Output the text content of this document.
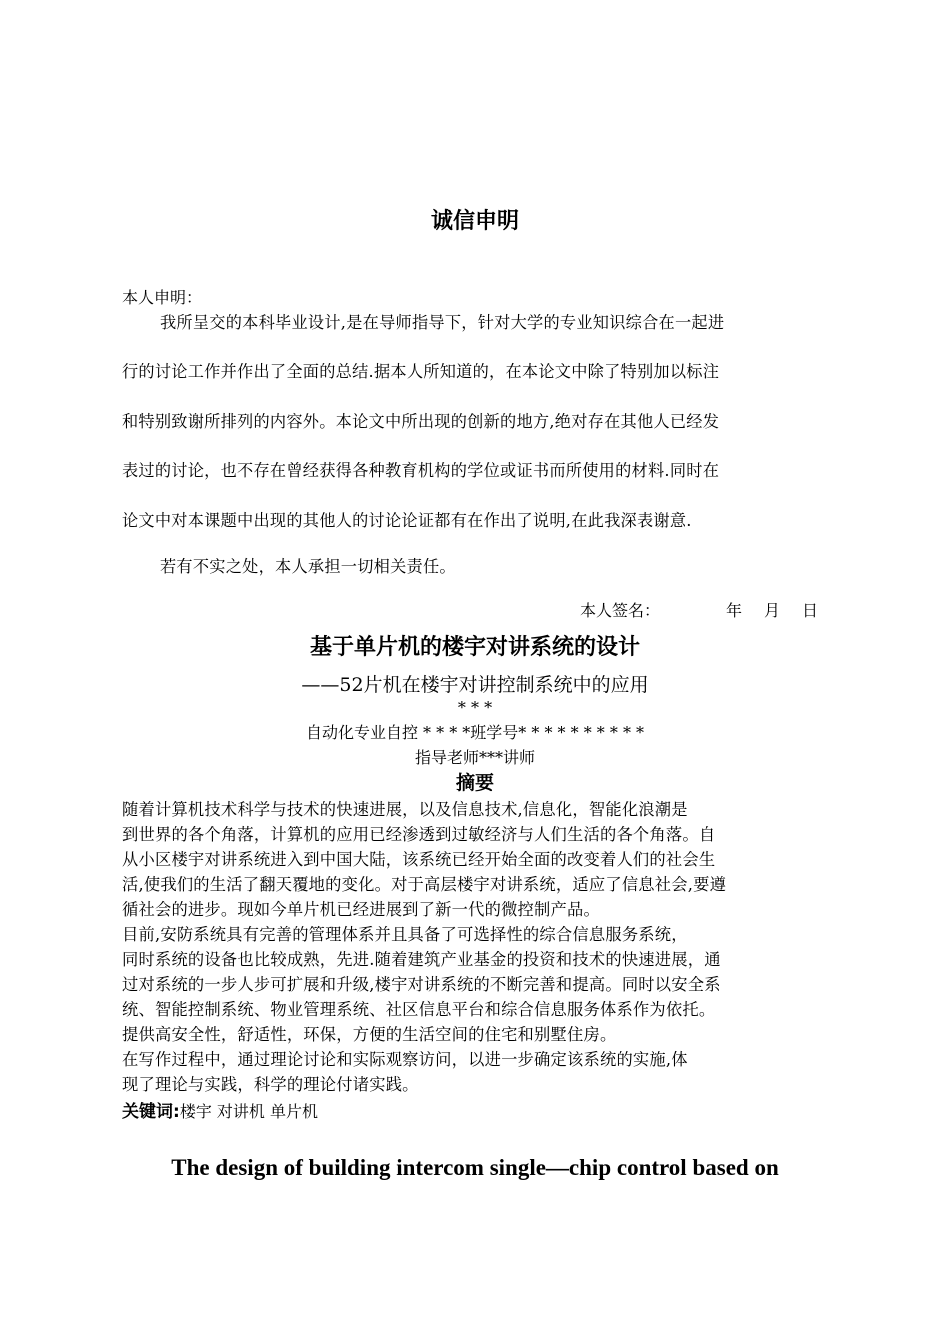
诚信申明
本人申明：
我所呈交的本科毕业设计,是在导师指导下，针对大学的专业知识综合在一起进
行的讨论工作并作出了全面的总结.据本人所知道的，在本论文中除了特别加以标注
和特别致谢所排列的内容外。本论文中所出现的创新的地方,绝对存在其他人已经发
表过的讨论，也不存在曾经获得各种教育机构的学位或证书而所使用的材料.同时在
论文中对本课题中出现的其他人的讨论论证都有在作出了说明,在此我深表谢意.
若有不实之处，本人承担一切相关责任。
本人签名：	年 月 日
基于单片机的楼宇对讲系统的设计
——52片机在楼宇对讲控制系统中的应用
* * *
自动化专业自控 * * * *班学号* * * * * * * * * *
指导老师***讲师
摘要
随着计算机技术科学与技术的快速进展，以及信息技术,信息化，智能化浪潮是
到世界的各个角落，计算机的应用已经渗透到过敏经济与人们生活的各个角落。自
从小区楼宇对讲系统进入到中国大陆，该系统已经开始全面的改变着人们的社会生
活,使我们的生活了翻天覆地的变化。对于高层楼宇对讲系统，适应了信息社会,要遵
循社会的进步。现如今单片机已经进展到了新一代的微控制产品。
目前,安防系统具有完善的管理体系并且具备了可选择性的综合信息服务系统，
同时系统的设备也比较成熟，先进.随着建筑产业基金的投资和技术的快速进展，通
过对系统的一步人步可扩展和升级,楼宇对讲系统的不断完善和提高。同时以安全系
统、智能控制系统、物业管理系统、社区信息平台和综合信息服务体系作为依托。
提供高安全性，舒适性，环保，方便的生活空间的住宅和别墅住房。
在写作过程中，通过理论讨论和实际观察访问，以进一步确定该系统的实施,体
现了理论与实践，科学的理论付诸实践。
关键词:楼宇 对讲机 单片机
The design of building intercom single—chip control based on
